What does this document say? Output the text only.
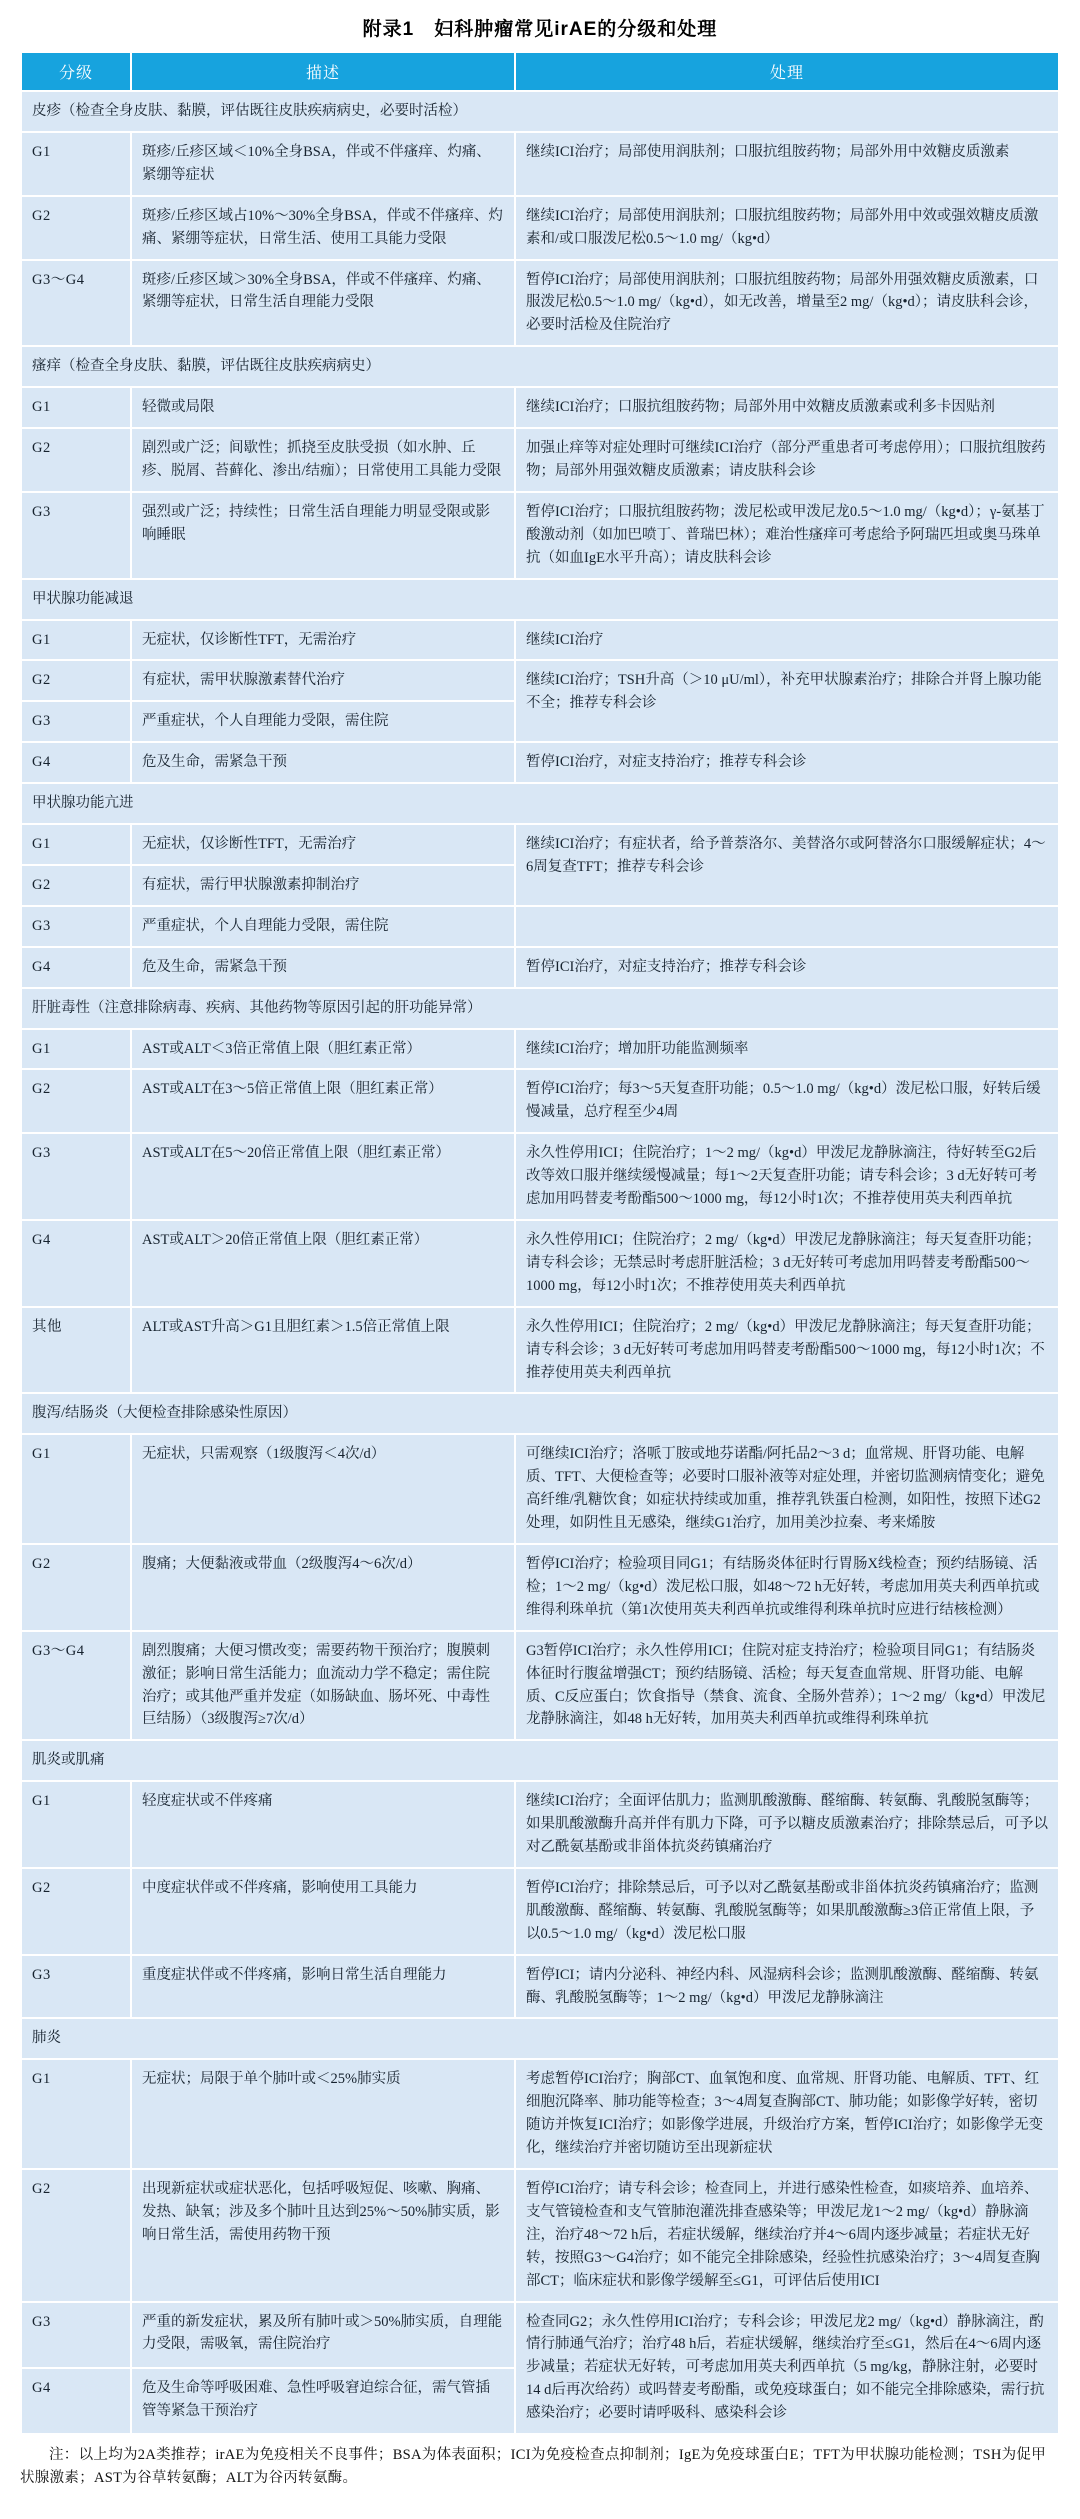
附录1　妇科肿瘤常见irAE的分级和处理
分级	描述	处理
皮疹（检查全身皮肤、黏膜，评估既往皮肤疾病病史，必要时活检）		
G1	斑疹/丘疹区域＜10%全身BSA，伴或不伴瘙痒、灼痛、紧绷等症状	继续ICI治疗；局部使用润肤剂；口服抗组胺药物；局部外用中效糖皮质激素
G2	斑疹/丘疹区域占10%～30%全身BSA，伴或不伴瘙痒、灼痛、紧绷等症状，日常生活、使用工具能力受限	继续ICI治疗；局部使用润肤剂；口服抗组胺药物；局部外用中效或强效糖皮质激素和/或口服泼尼松0.5～1.0 mg/（kg•d）
G3～G4	斑疹/丘疹区域＞30%全身BSA，伴或不伴瘙痒、灼痛、紧绷等症状，日常生活自理能力受限	暂停ICI治疗；局部使用润肤剂；口服抗组胺药物；局部外用强效糖皮质激素，口服泼尼松0.5～1.0 mg/（kg•d），如无改善，增量至2 mg/（kg•d）；请皮肤科会诊，必要时活检及住院治疗
瘙痒（检查全身皮肤、黏膜，评估既往皮肤疾病病史）		
G1	轻微或局限	继续ICI治疗；口服抗组胺药物；局部外用中效糖皮质激素或利多卡因贴剂
G2	剧烈或广泛；间歇性；抓挠至皮肤受损（如水肿、丘疹、脱屑、苔藓化、渗出/结痂）；日常使用工具能力受限	加强止痒等对症处理时可继续ICI治疗（部分严重患者可考虑停用）；口服抗组胺药物；局部外用强效糖皮质激素；请皮肤科会诊
G3	强烈或广泛；持续性；日常生活自理能力明显受限或影响睡眠	暂停ICI治疗；口服抗组胺药物；泼尼松或甲泼尼龙0.5～1.0 mg/（kg•d）；γ-氨基丁酸激动剂（如加巴喷丁、普瑞巴林）；难治性瘙痒可考虑给予阿瑞匹坦或奥马珠单抗（如血IgE水平升高）；请皮肤科会诊
甲状腺功能减退		
G1	无症状，仅诊断性TFT，无需治疗	继续ICI治疗
G2	有症状，需甲状腺激素替代治疗	继续ICI治疗；TSH升高（＞10 μU/ml），补充甲状腺素治疗；排除合并肾上腺功能不全；推荐专科会诊
G3	严重症状，个人自理能力受限，需住院	
G4	危及生命，需紧急干预	暂停ICI治疗，对症支持治疗；推荐专科会诊
甲状腺功能亢进		
G1	无症状，仅诊断性TFT，无需治疗	继续ICI治疗；有症状者，给予普萘洛尔、美替洛尔或阿替洛尔口服缓解症状；4～6周复查TFT；推荐专科会诊
G2	有症状，需行甲状腺激素抑制治疗	
G3	严重症状，个人自理能力受限，需住院	
G4	危及生命，需紧急干预	暂停ICI治疗，对症支持治疗；推荐专科会诊
肝脏毒性（注意排除病毒、疾病、其他药物等原因引起的肝功能异常）		
G1	AST或ALT＜3倍正常值上限（胆红素正常）	继续ICI治疗；增加肝功能监测频率
G2	AST或ALT在3～5倍正常值上限（胆红素正常）	暂停ICI治疗；每3～5天复查肝功能；0.5～1.0 mg/（kg•d）泼尼松口服，好转后缓慢减量，总疗程至少4周
G3	AST或ALT在5～20倍正常值上限（胆红素正常）	永久性停用ICI；住院治疗；1～2 mg/（kg•d）甲泼尼龙静脉滴注，待好转至G2后改等效口服并继续缓慢减量；每1～2天复查肝功能；请专科会诊；3 d无好转可考虑加用吗替麦考酚酯500～1000 mg，每12小时1次；不推荐使用英夫利西单抗
G4	AST或ALT＞20倍正常值上限（胆红素正常）	永久性停用ICI；住院治疗；2 mg/（kg•d）甲泼尼龙静脉滴注；每天复查肝功能；请专科会诊；无禁忌时考虑肝脏活检；3 d无好转可考虑加用吗替麦考酚酯500～1000 mg，每12小时1次；不推荐使用英夫利西单抗
其他	ALT或AST升高＞G1且胆红素＞1.5倍正常值上限	永久性停用ICI；住院治疗；2 mg/（kg•d）甲泼尼龙静脉滴注；每天复查肝功能；请专科会诊；3 d无好转可考虑加用吗替麦考酚酯500～1000 mg，每12小时1次；不推荐使用英夫利西单抗
腹泻/结肠炎（大便检查排除感染性原因）		
G1	无症状，只需观察（1级腹泻＜4次/d）	可继续ICI治疗；洛哌丁胺或地芬诺酯/阿托品2～3 d；血常规、肝肾功能、电解质、TFT、大便检查等；必要时口服补液等对症处理，并密切监测病情变化；避免高纤维/乳糖饮食；如症状持续或加重，推荐乳铁蛋白检测，如阳性，按照下述G2处理，如阴性且无感染，继续G1治疗，加用美沙拉秦、考来烯胺
G2	腹痛；大便黏液或带血（2级腹泻4～6次/d）	暂停ICI治疗；检验项目同G1；有结肠炎体征时行胃肠X线检查；预约结肠镜、活检；1～2 mg/（kg•d）泼尼松口服，如48～72 h无好转，考虑加用英夫利西单抗或维得利珠单抗（第1次使用英夫利西单抗或维得利珠单抗时应进行结核检测）
G3～G4	剧烈腹痛；大便习惯改变；需要药物干预治疗；腹膜刺激征；影响日常生活能力；血流动力学不稳定；需住院治疗；或其他严重并发症（如肠缺血、肠坏死、中毒性巨结肠）（3级腹泻≥7次/d）	G3暂停ICI治疗；永久性停用ICI；住院对症支持治疗；检验项目同G1；有结肠炎体征时行腹盆增强CT；预约结肠镜、活检；每天复查血常规、肝肾功能、电解质、C反应蛋白；饮食指导（禁食、流食、全肠外营养）；1～2 mg/（kg•d）甲泼尼龙静脉滴注，如48 h无好转，加用英夫利西单抗或维得利珠单抗
肌炎或肌痛		
G1	轻度症状或不伴疼痛	继续ICI治疗；全面评估肌力；监测肌酸激酶、醛缩酶、转氨酶、乳酸脱氢酶等；如果肌酸激酶升高并伴有肌力下降，可予以糖皮质激素治疗；排除禁忌后，可予以对乙酰氨基酚或非甾体抗炎药镇痛治疗
G2	中度症状伴或不伴疼痛，影响使用工具能力	暂停ICI治疗；排除禁忌后，可予以对乙酰氨基酚或非甾体抗炎药镇痛治疗；监测肌酸激酶、醛缩酶、转氨酶、乳酸脱氢酶等；如果肌酸激酶≥3倍正常值上限，予以0.5～1.0 mg/（kg•d）泼尼松口服
G3	重度症状伴或不伴疼痛，影响日常生活自理能力	暂停ICI；请内分泌科、神经内科、风湿病科会诊；监测肌酸激酶、醛缩酶、转氨酶、乳酸脱氢酶等；1～2 mg/（kg•d）甲泼尼龙静脉滴注
肺炎		
G1	无症状；局限于单个肺叶或＜25%肺实质	考虑暂停ICI治疗；胸部CT、血氧饱和度、血常规、肝肾功能、电解质、TFT、红细胞沉降率、肺功能等检查；3～4周复查胸部CT、肺功能；如影像学好转，密切随访并恢复ICI治疗；如影像学进展，升级治疗方案，暂停ICI治疗；如影像学无变化，继续治疗并密切随访至出现新症状
G2	出现新症状或症状恶化，包括呼吸短促、咳嗽、胸痛、发热、缺氧；涉及多个肺叶且达到25%～50%肺实质，影响日常生活，需使用药物干预	暂停ICI治疗；请专科会诊；检查同上，并进行感染性检查，如痰培养、血培养、支气管镜检查和支气管肺泡灌洗排查感染等；甲泼尼龙1～2 mg/（kg•d）静脉滴注，治疗48～72 h后，若症状缓解，继续治疗并4～6周内逐步减量；若症状无好转，按照G3～G4治疗；如不能完全排除感染，经验性抗感染治疗；3～4周复查胸部CT；临床症状和影像学缓解至≤G1，可评估后使用ICI
G3	严重的新发症状，累及所有肺叶或＞50%肺实质，自理能力受限，需吸氧，需住院治疗	检查同G2；永久性停用ICI治疗；专科会诊；甲泼尼龙2 mg/（kg•d）静脉滴注，酌情行肺通气治疗；治疗48 h后，若症状缓解，继续治疗至≤G1，然后在4～6周内逐步减量；若症状无好转，可考虑加用英夫利西单抗（5 mg/kg，静脉注射，必要时14 d后再次给药）或吗替麦考酚酯，或免疫球蛋白；如不能完全排除感染，需行抗感染治疗；必要时请呼吸科、感染科会诊
G4	危及生命等呼吸困难、急性呼吸窘迫综合征，需气管插管等紧急干预治疗	

注：以上均为2A类推荐；irAE为免疫相关不良事件；BSA为体表面积；ICI为免疫检查点抑制剂；IgE为免疫球蛋白E；TFT为甲状腺功能检测；TSH为促甲状腺激素；AST为谷草转氨酶；ALT为谷丙转氨酶。
